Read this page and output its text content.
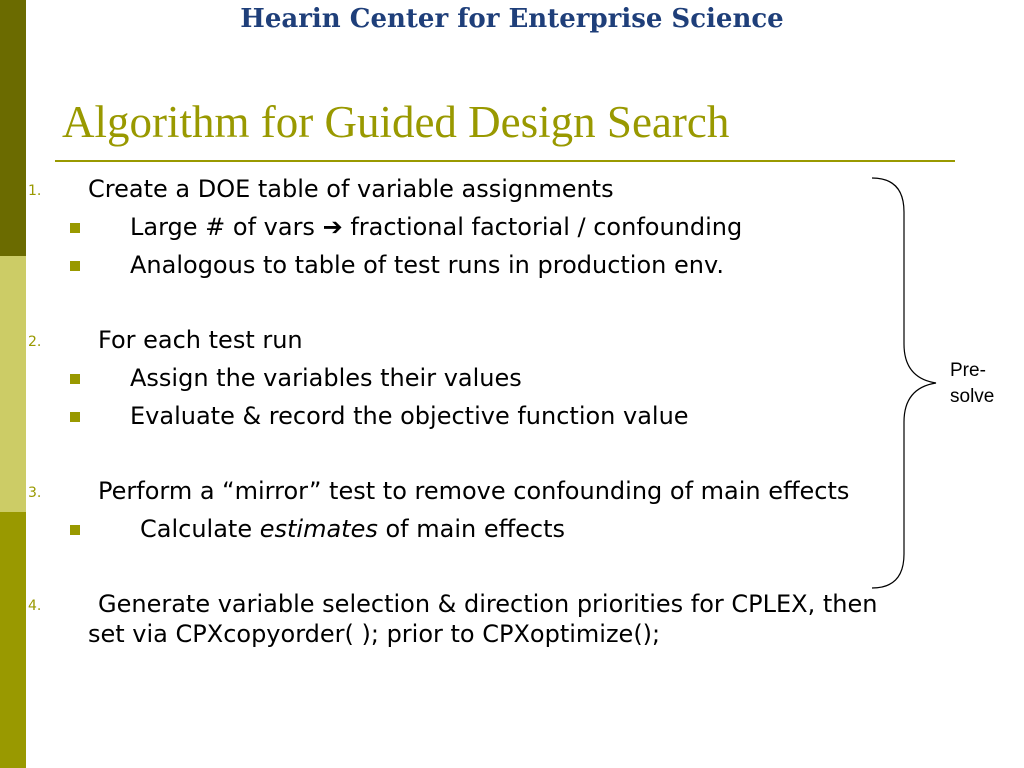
Hearin Center for Enterprise Science
Algorithm for Guided Design Search
1. Create a DOE table of variable assignments
Large # of vars ➔ fractional factorial / confounding
Analogous to table of test runs in production env.
2. For each test run
Assign the variables their values
Evaluate & record the objective function value
3. Perform a “mirror” test to remove confounding of main effects
Calculate estimates of main effects
4. Generate variable selection & direction priorities for CPLEX, then set via CPXcopyorder( ); prior to CPXoptimize();
Pre-
solve
